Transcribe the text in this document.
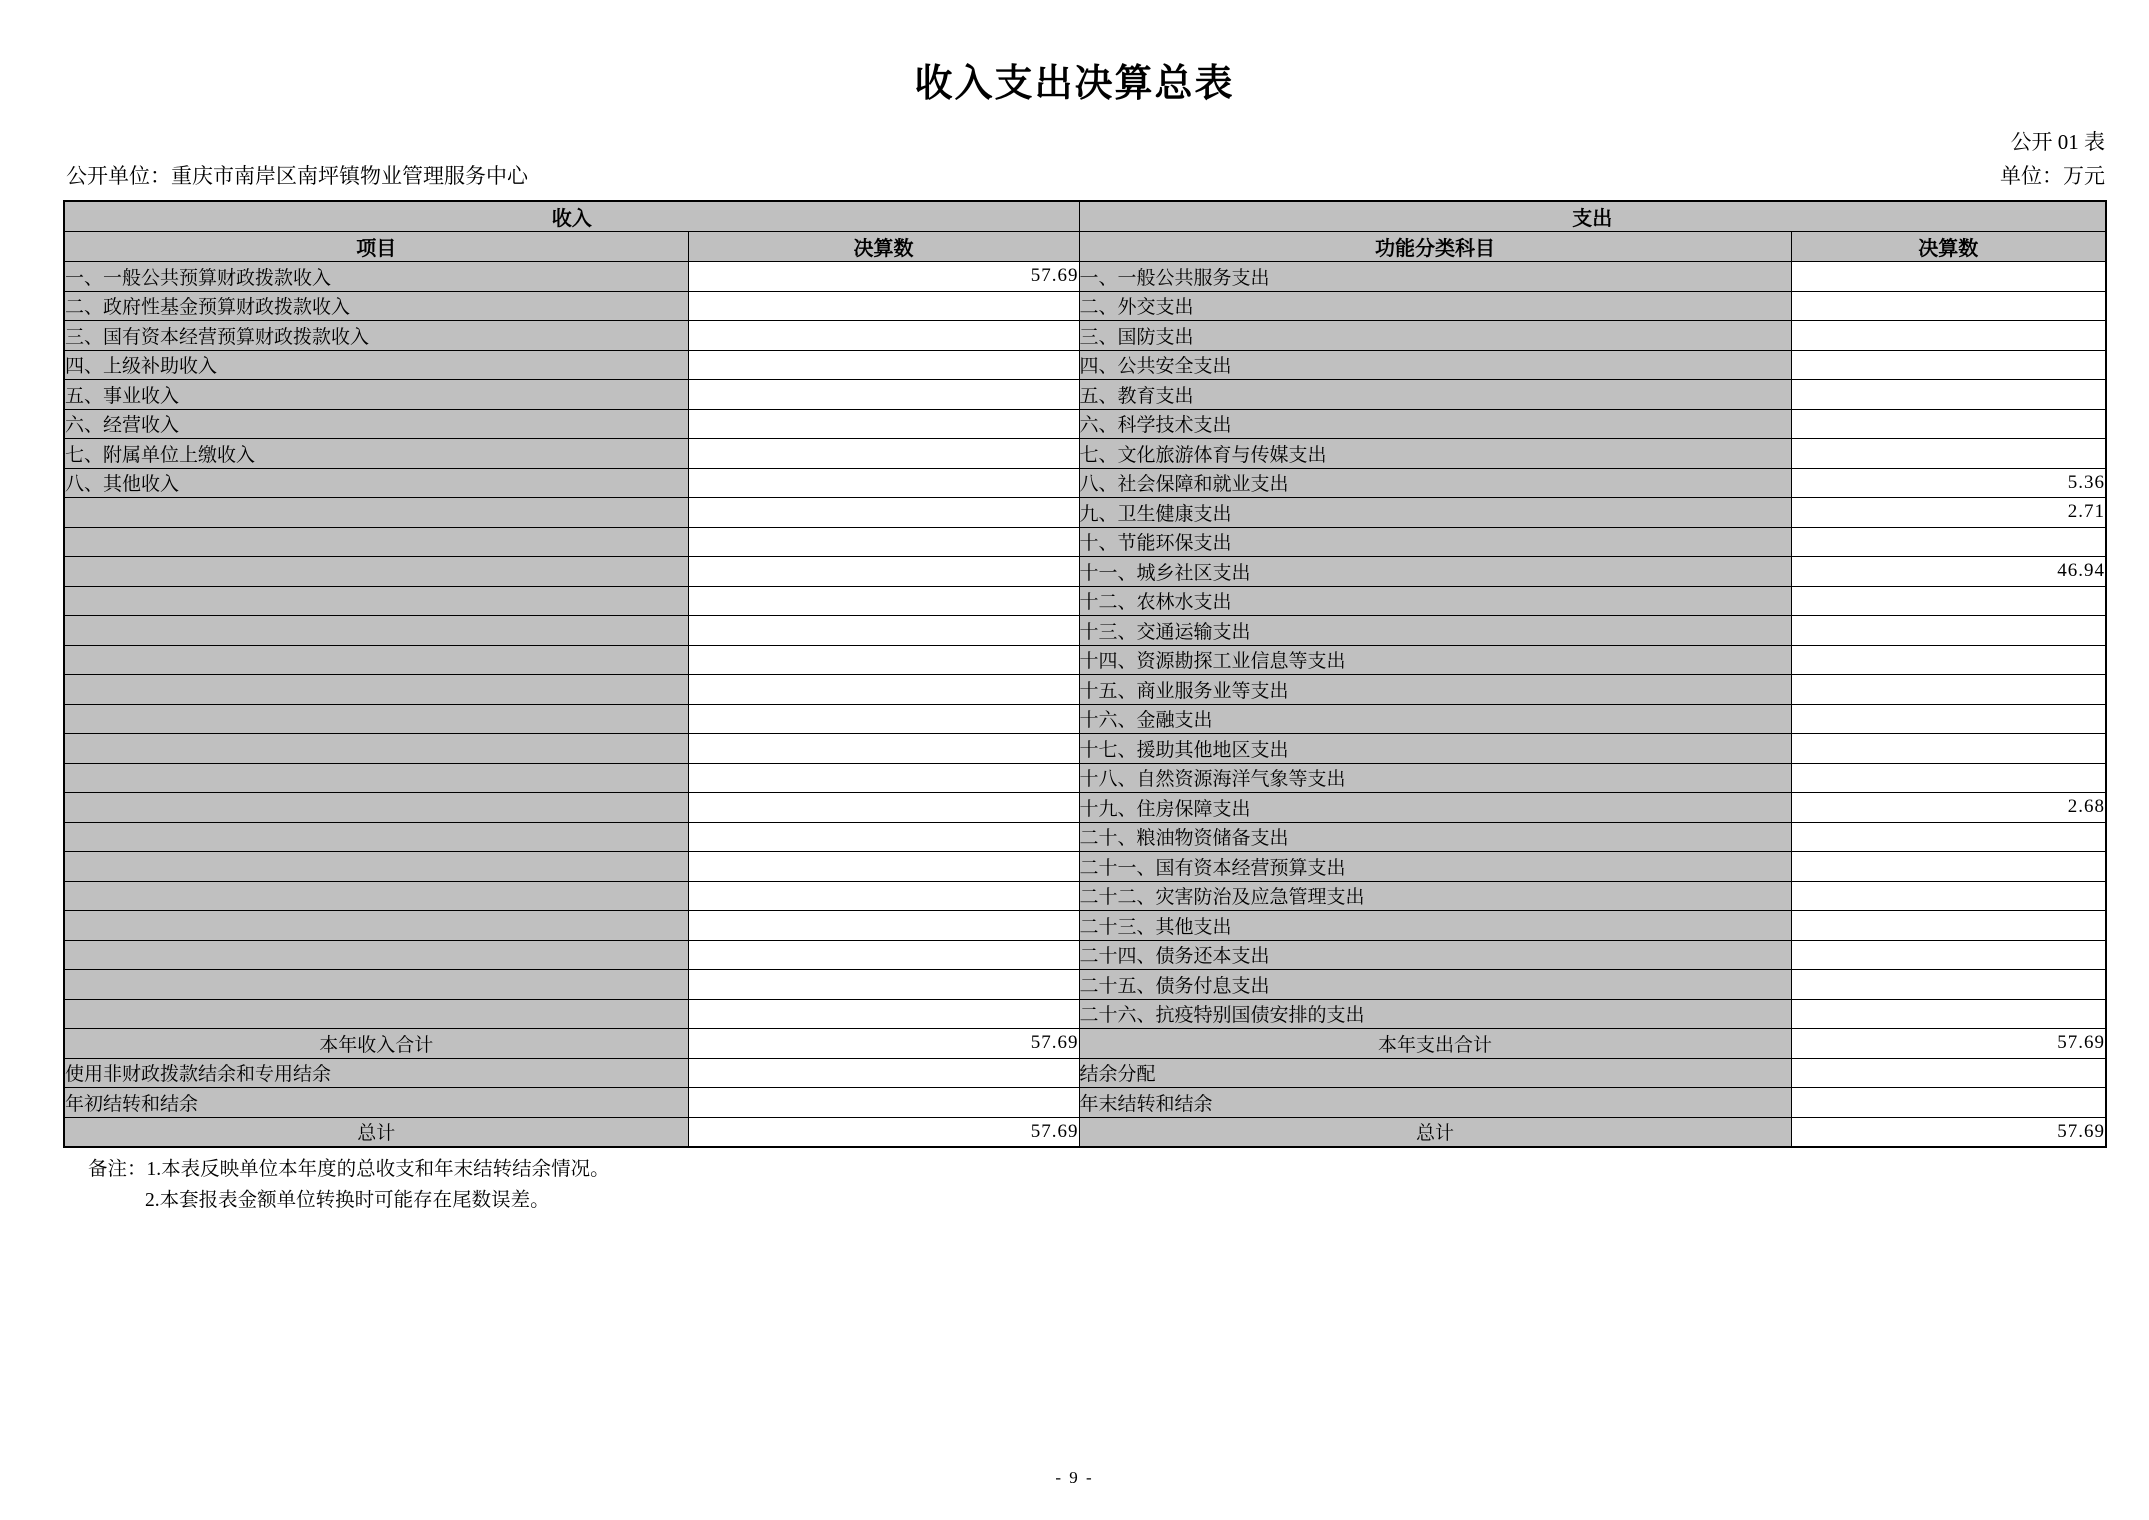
收入支出决算总表
公开 01 表
公开单位：重庆市南岸区南坪镇物业管理服务中心	单位：万元
收入		支出	
项目	决算数	功能分类科目	决算数
一、一般公共预算财政拨款收入	57.69	一、一般公共服务支出	
二、政府性基金预算财政拨款收入		二、外交支出	
三、国有资本经营预算财政拨款收入		三、国防支出	
四、上级补助收入		四、公共安全支出	
五、事业收入		五、教育支出	
六、经营收入		六、科学技术支出	
七、附属单位上缴收入		七、文化旅游体育与传媒支出	
八、其他收入		八、社会保障和就业支出	5.36
		九、卫生健康支出	2.71
		十、节能环保支出	
		十一、城乡社区支出	46.94
		十二、农林水支出	
		十三、交通运输支出	
		十四、资源勘探工业信息等支出	
		十五、商业服务业等支出	
		十六、金融支出	
		十七、援助其他地区支出	
		十八、自然资源海洋气象等支出	
		十九、住房保障支出	2.68
		二十、粮油物资储备支出	
		二十一、国有资本经营预算支出	
		二十二、灾害防治及应急管理支出	
		二十三、其他支出	
		二十四、债务还本支出	
		二十五、债务付息支出	
		二十六、抗疫特别国债安排的支出	
本年收入合计	57.69	本年支出合计	57.69
使用非财政拨款结余和专用结余		结余分配	
年初结转和结余		年末结转和结余	
总计	57.69	总计	57.69
备注：1.本表反映单位本年度的总收支和年末结转结余情况。
2.本套报表金额单位转换时可能存在尾数误差。
- 9 -
